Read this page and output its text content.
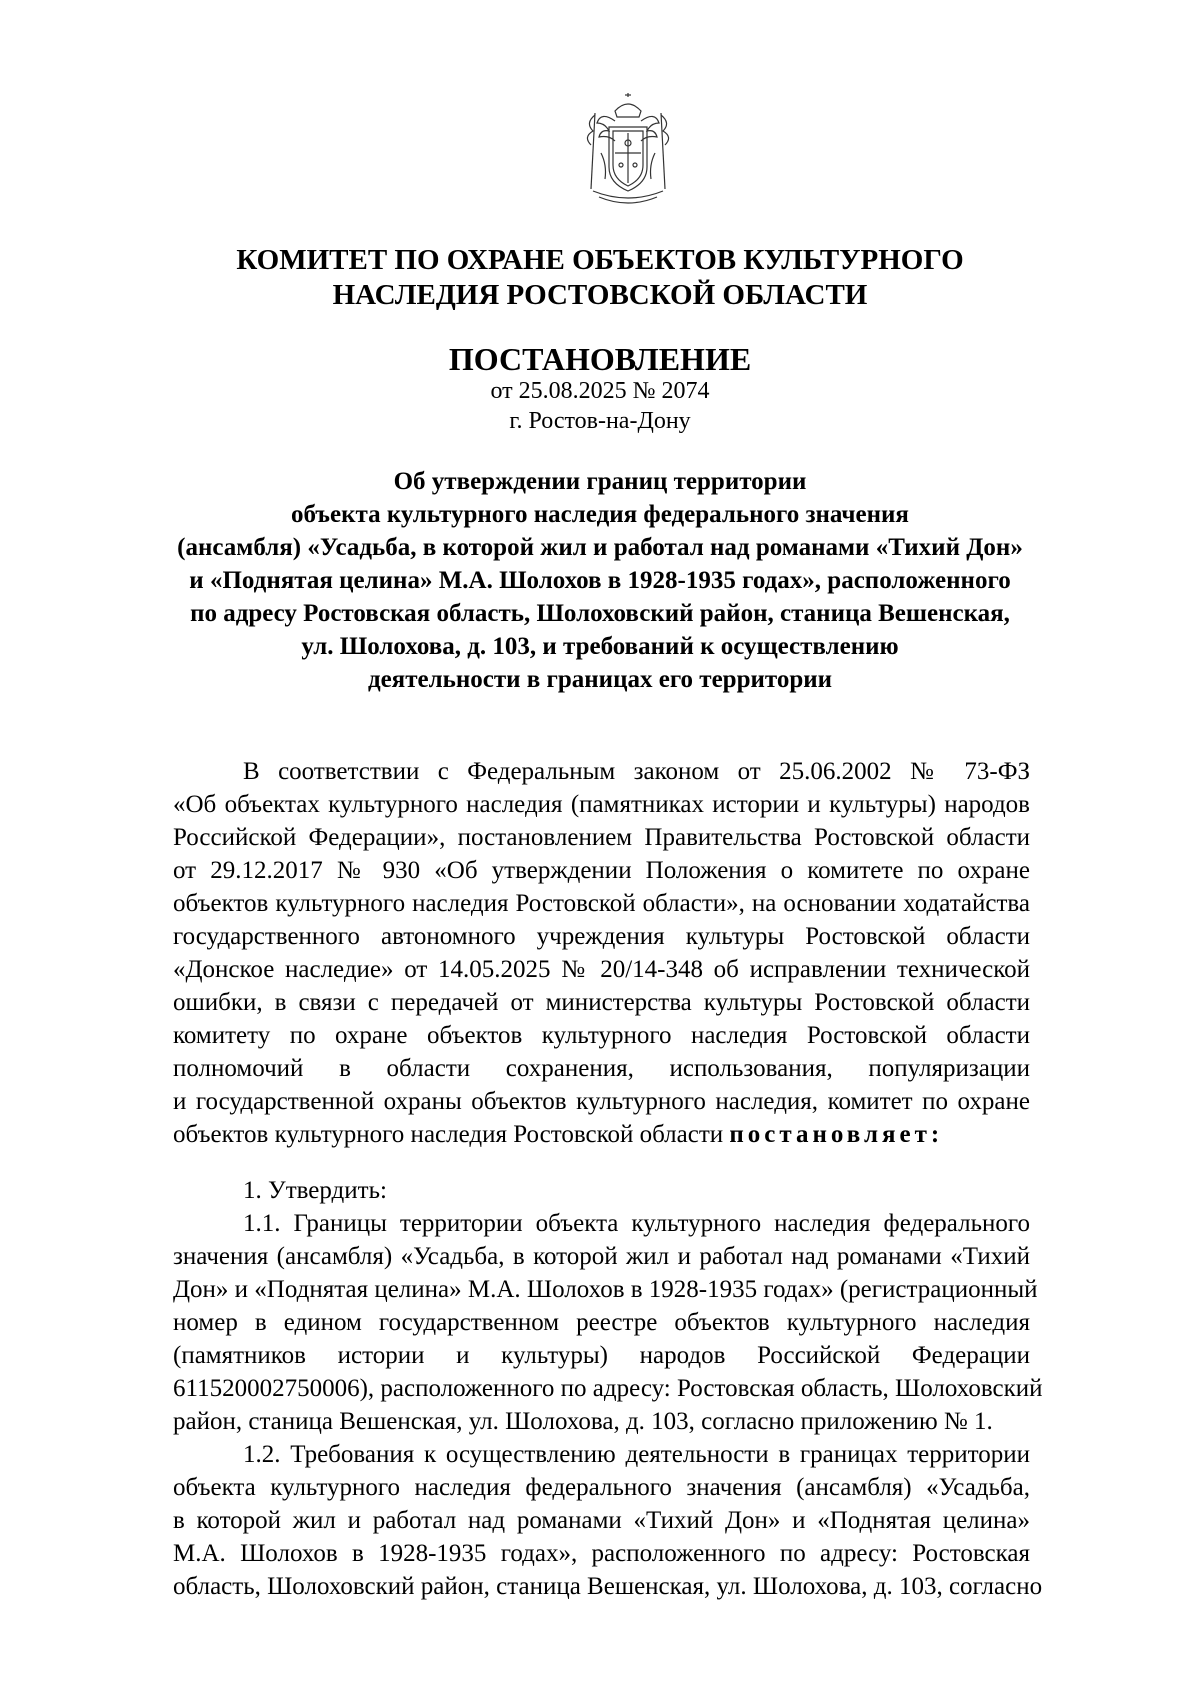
КОМИТЕТ ПО ОХРАНЕ ОБЪЕКТОВ КУЛЬТУРНОГО
НАСЛЕДИЯ РОСТОВСКОЙ ОБЛАСТИ
ПОСТАНОВЛЕНИЕ
от 25.08.2025 № 2074
г. Ростов-на-Дону
Об утверждении границ территории
объекта культурного наследия федерального значения
(ансамбля) «Усадьба, в которой жил и работал над романами «Тихий Дон»
и «Поднятая целина» М.А. Шолохов в 1928-1935 годах», расположенного
по адресу Ростовская область, Шолоховский район, станица Вешенская,
ул. Шолохова, д. 103, и требований к осуществлению
деятельности в границах его территории
В соответствии с Федеральным законом от 25.06.2002 № 73-ФЗ
«Об объектах культурного наследия (памятниках истории и культуры) народов
Российской Федерации», постановлением Правительства Ростовской области
от 29.12.2017 № 930 «Об утверждении Положения о комитете по охране
объектов культурного наследия Ростовской области», на основании ходатайства
государственного автономного учреждения культуры Ростовской области
«Донское наследие» от 14.05.2025 № 20/14-348 об исправлении технической
ошибки, в связи с передачей от министерства культуры Ростовской области
комитету по охране объектов культурного наследия Ростовской области
полномочий в области сохранения, использования, популяризации
и государственной охраны объектов культурного наследия, комитет по охране
объектов культурного наследия Ростовской области постановляет:
1. Утвердить:
1.1. Границы территории объекта культурного наследия федерального
значения (ансамбля) «Усадьба, в которой жил и работал над романами «Тихий
Дон» и «Поднятая целина» М.А. Шолохов в 1928-1935 годах» (регистрационный
номер в едином государственном реестре объектов культурного наследия
(памятников истории и культуры) народов Российской Федерации
611520002750006), расположенного по адресу: Ростовская область, Шолоховский
район, станица Вешенская, ул. Шолохова, д. 103, согласно приложению № 1.
1.2. Требования к осуществлению деятельности в границах территории
объекта культурного наследия федерального значения (ансамбля) «Усадьба,
в которой жил и работал над романами «Тихий Дон» и «Поднятая целина»
М.А. Шолохов в 1928-1935 годах», расположенного по адресу: Ростовская
область, Шолоховский район, станица Вешенская, ул. Шолохова, д. 103, согласно
